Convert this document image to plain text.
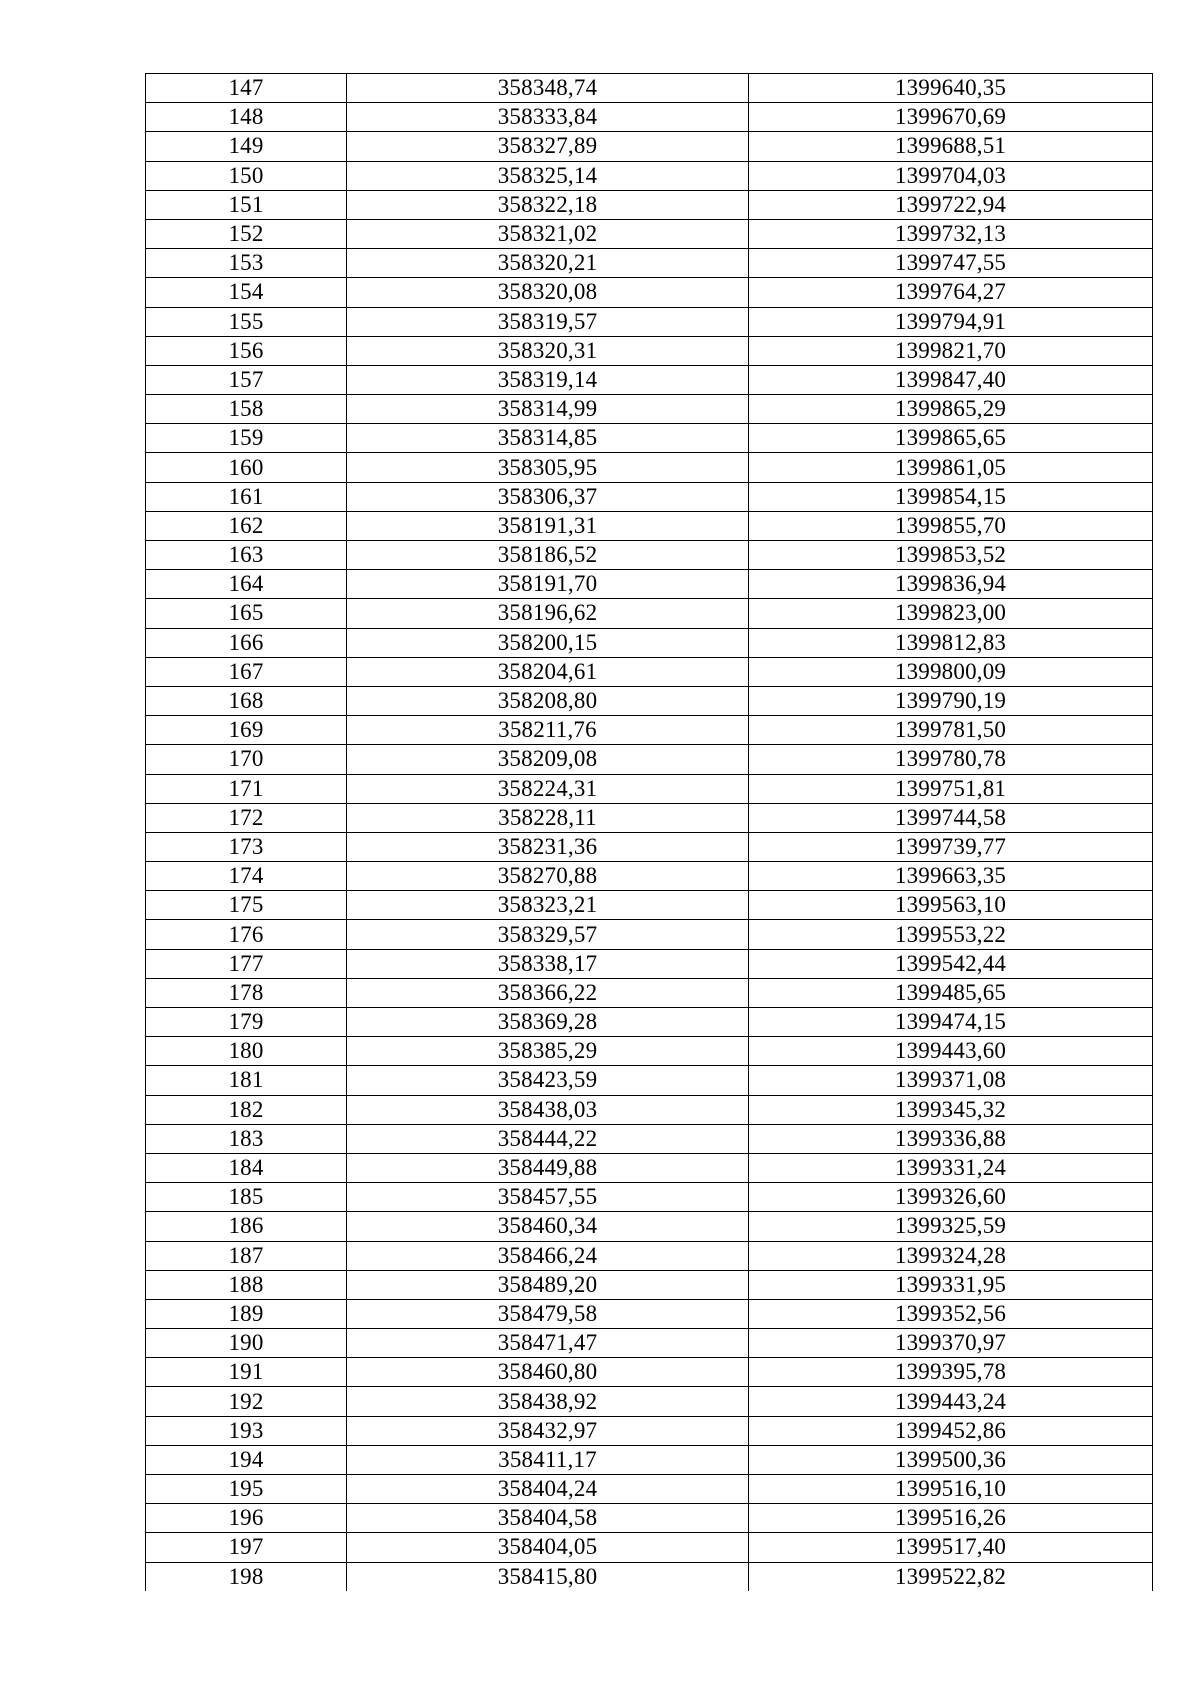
147	358348,74	1399640,35
148	358333,84	1399670,69
149	358327,89	1399688,51
150	358325,14	1399704,03
151	358322,18	1399722,94
152	358321,02	1399732,13
153	358320,21	1399747,55
154	358320,08	1399764,27
155	358319,57	1399794,91
156	358320,31	1399821,70
157	358319,14	1399847,40
158	358314,99	1399865,29
159	358314,85	1399865,65
160	358305,95	1399861,05
161	358306,37	1399854,15
162	358191,31	1399855,70
163	358186,52	1399853,52
164	358191,70	1399836,94
165	358196,62	1399823,00
166	358200,15	1399812,83
167	358204,61	1399800,09
168	358208,80	1399790,19
169	358211,76	1399781,50
170	358209,08	1399780,78
171	358224,31	1399751,81
172	358228,11	1399744,58
173	358231,36	1399739,77
174	358270,88	1399663,35
175	358323,21	1399563,10
176	358329,57	1399553,22
177	358338,17	1399542,44
178	358366,22	1399485,65
179	358369,28	1399474,15
180	358385,29	1399443,60
181	358423,59	1399371,08
182	358438,03	1399345,32
183	358444,22	1399336,88
184	358449,88	1399331,24
185	358457,55	1399326,60
186	358460,34	1399325,59
187	358466,24	1399324,28
188	358489,20	1399331,95
189	358479,58	1399352,56
190	358471,47	1399370,97
191	358460,80	1399395,78
192	358438,92	1399443,24
193	358432,97	1399452,86
194	358411,17	1399500,36
195	358404,24	1399516,10
196	358404,58	1399516,26
197	358404,05	1399517,40
198	358415,80	1399522,82
